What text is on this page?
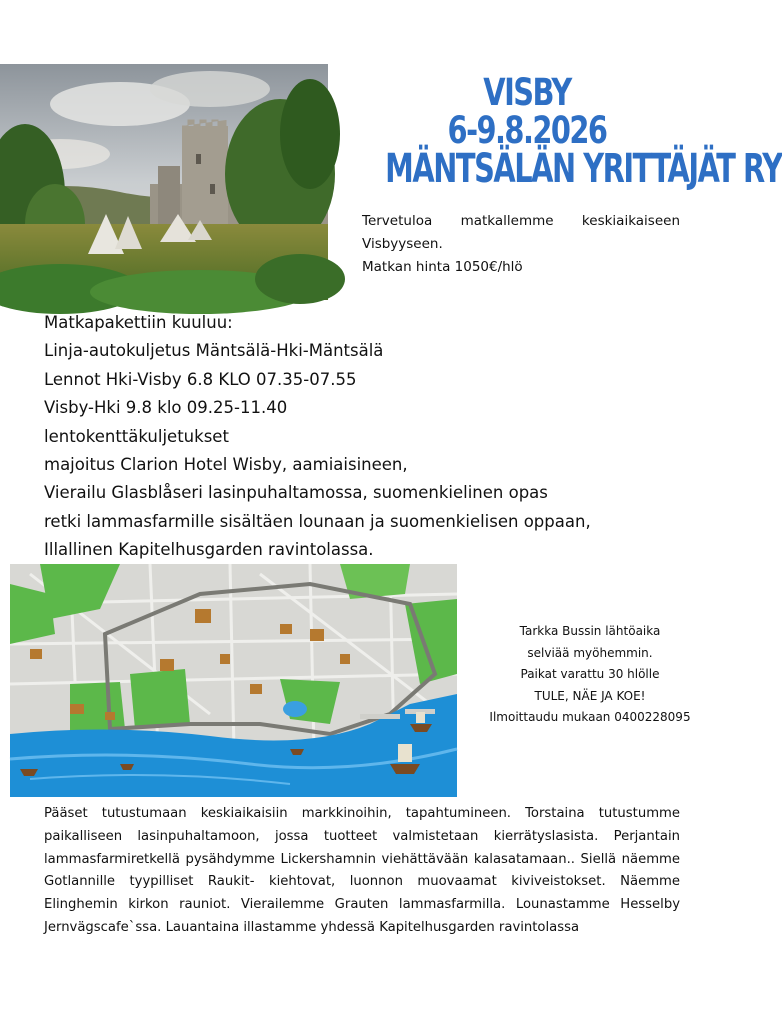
VISBY
6-9.8.2026
MÄNTSÄLÄN YRITTÄJÄT RY

Tervetuloa matkallemme keskiaikaiseen Visbyyseen.

Matkan hinta 1050€/hlö

Matkapakettiin kuuluu:
Linja-autokuljetus Mäntsälä-Hki-Mäntsälä
Lennot Hki-Visby 6.8 KLO 07.35-07.55
Visby-Hki 9.8 klo 09.25-11.40
lentokenttäkuljetukset
majoitus Clarion Hotel Wisby, aamiaisineen,
Vierailu Glasblåseri lasinpuhaltamossa, suomenkielinen opas
retki lammasfarmille sisältäen lounaan ja suomenkielisen oppaan,
Illallinen Kapitelhusgarden ravintolassa.
Tarkka Bussin lähtöaika
selviää myöhemmin.
Paikat varattu 30 hlölle
TULE, NÄE JA KOE!
Ilmoittaudu mukaan 0400228095
Pääset tutustumaan keskiaikaisiin markkinoihin, tapahtumineen. Torstaina tutustumme paikalliseen lasinpuhaltamoon, jossa tuotteet valmistetaan kierrätyslasista. Perjantain lammasfarmiretkellä pysähdymme Lickershamnin viehättävään kalasatamaan.. Siellä näemme Gotlannille tyypilliset Raukit- kiehtovat, luonnon muovaamat kiviveistokset. Näemme Elinghemin kirkon rauniot. Vierailemme Grauten lammasfarmilla. Lounastamme Hesselby Jernvägscafe`ssa. Lauantaina illastamme yhdessä Kapitelhusgarden ravintolassa
